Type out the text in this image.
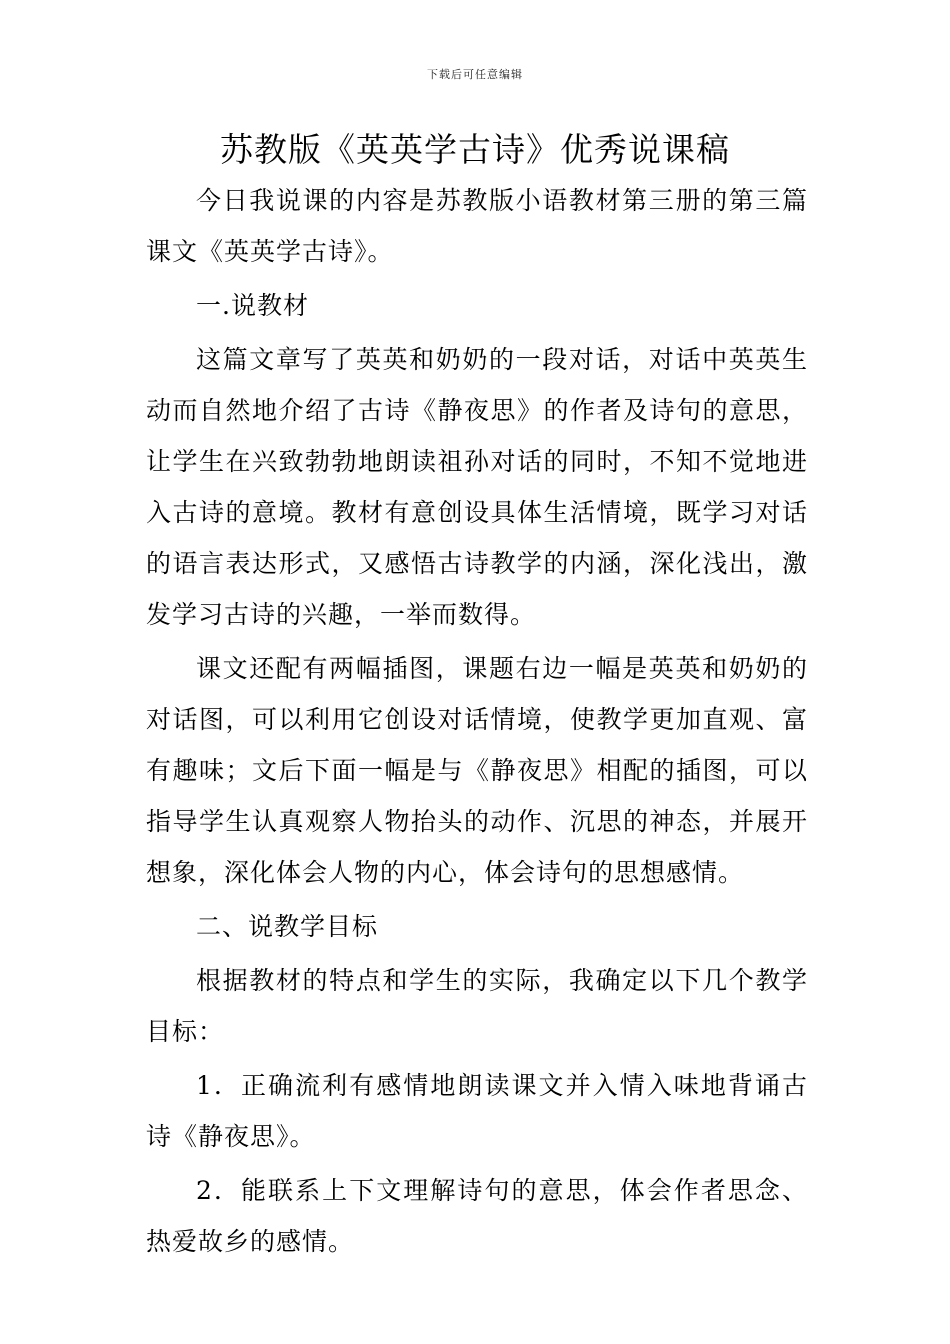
下载后可任意编辑
苏教版《英英学古诗》优秀说课稿

今日我说课的内容是苏教版小语教材第三册的第三篇课文《英英学古诗》。

一.说教材

这篇文章写了英英和奶奶的一段对话，对话中英英生动而自然地介绍了古诗《静夜思》的作者及诗句的意思，让学生在兴致勃勃地朗读祖孙对话的同时，不知不觉地进入古诗的意境。教材有意创设具体生活情境，既学习对话的语言表达形式，又感悟古诗教学的内涵，深化浅出，激发学习古诗的兴趣，一举而数得。

课文还配有两幅插图，课题右边一幅是英英和奶奶的对话图，可以利用它创设对话情境，使教学更加直观、富有趣味；文后下面一幅是与《静夜思》相配的插图，可以指导学生认真观察人物抬头的动作、沉思的神态，并展开想象，深化体会人物的内心，体会诗句的思想感情。

二、说教学目标

根据教材的特点和学生的实际，我确定以下几个教学目标：

1．正确流利有感情地朗读课文并入情入味地背诵古诗《静夜思》。

2．能联系上下文理解诗句的意思，体会作者思念、热爱故乡的感情。
